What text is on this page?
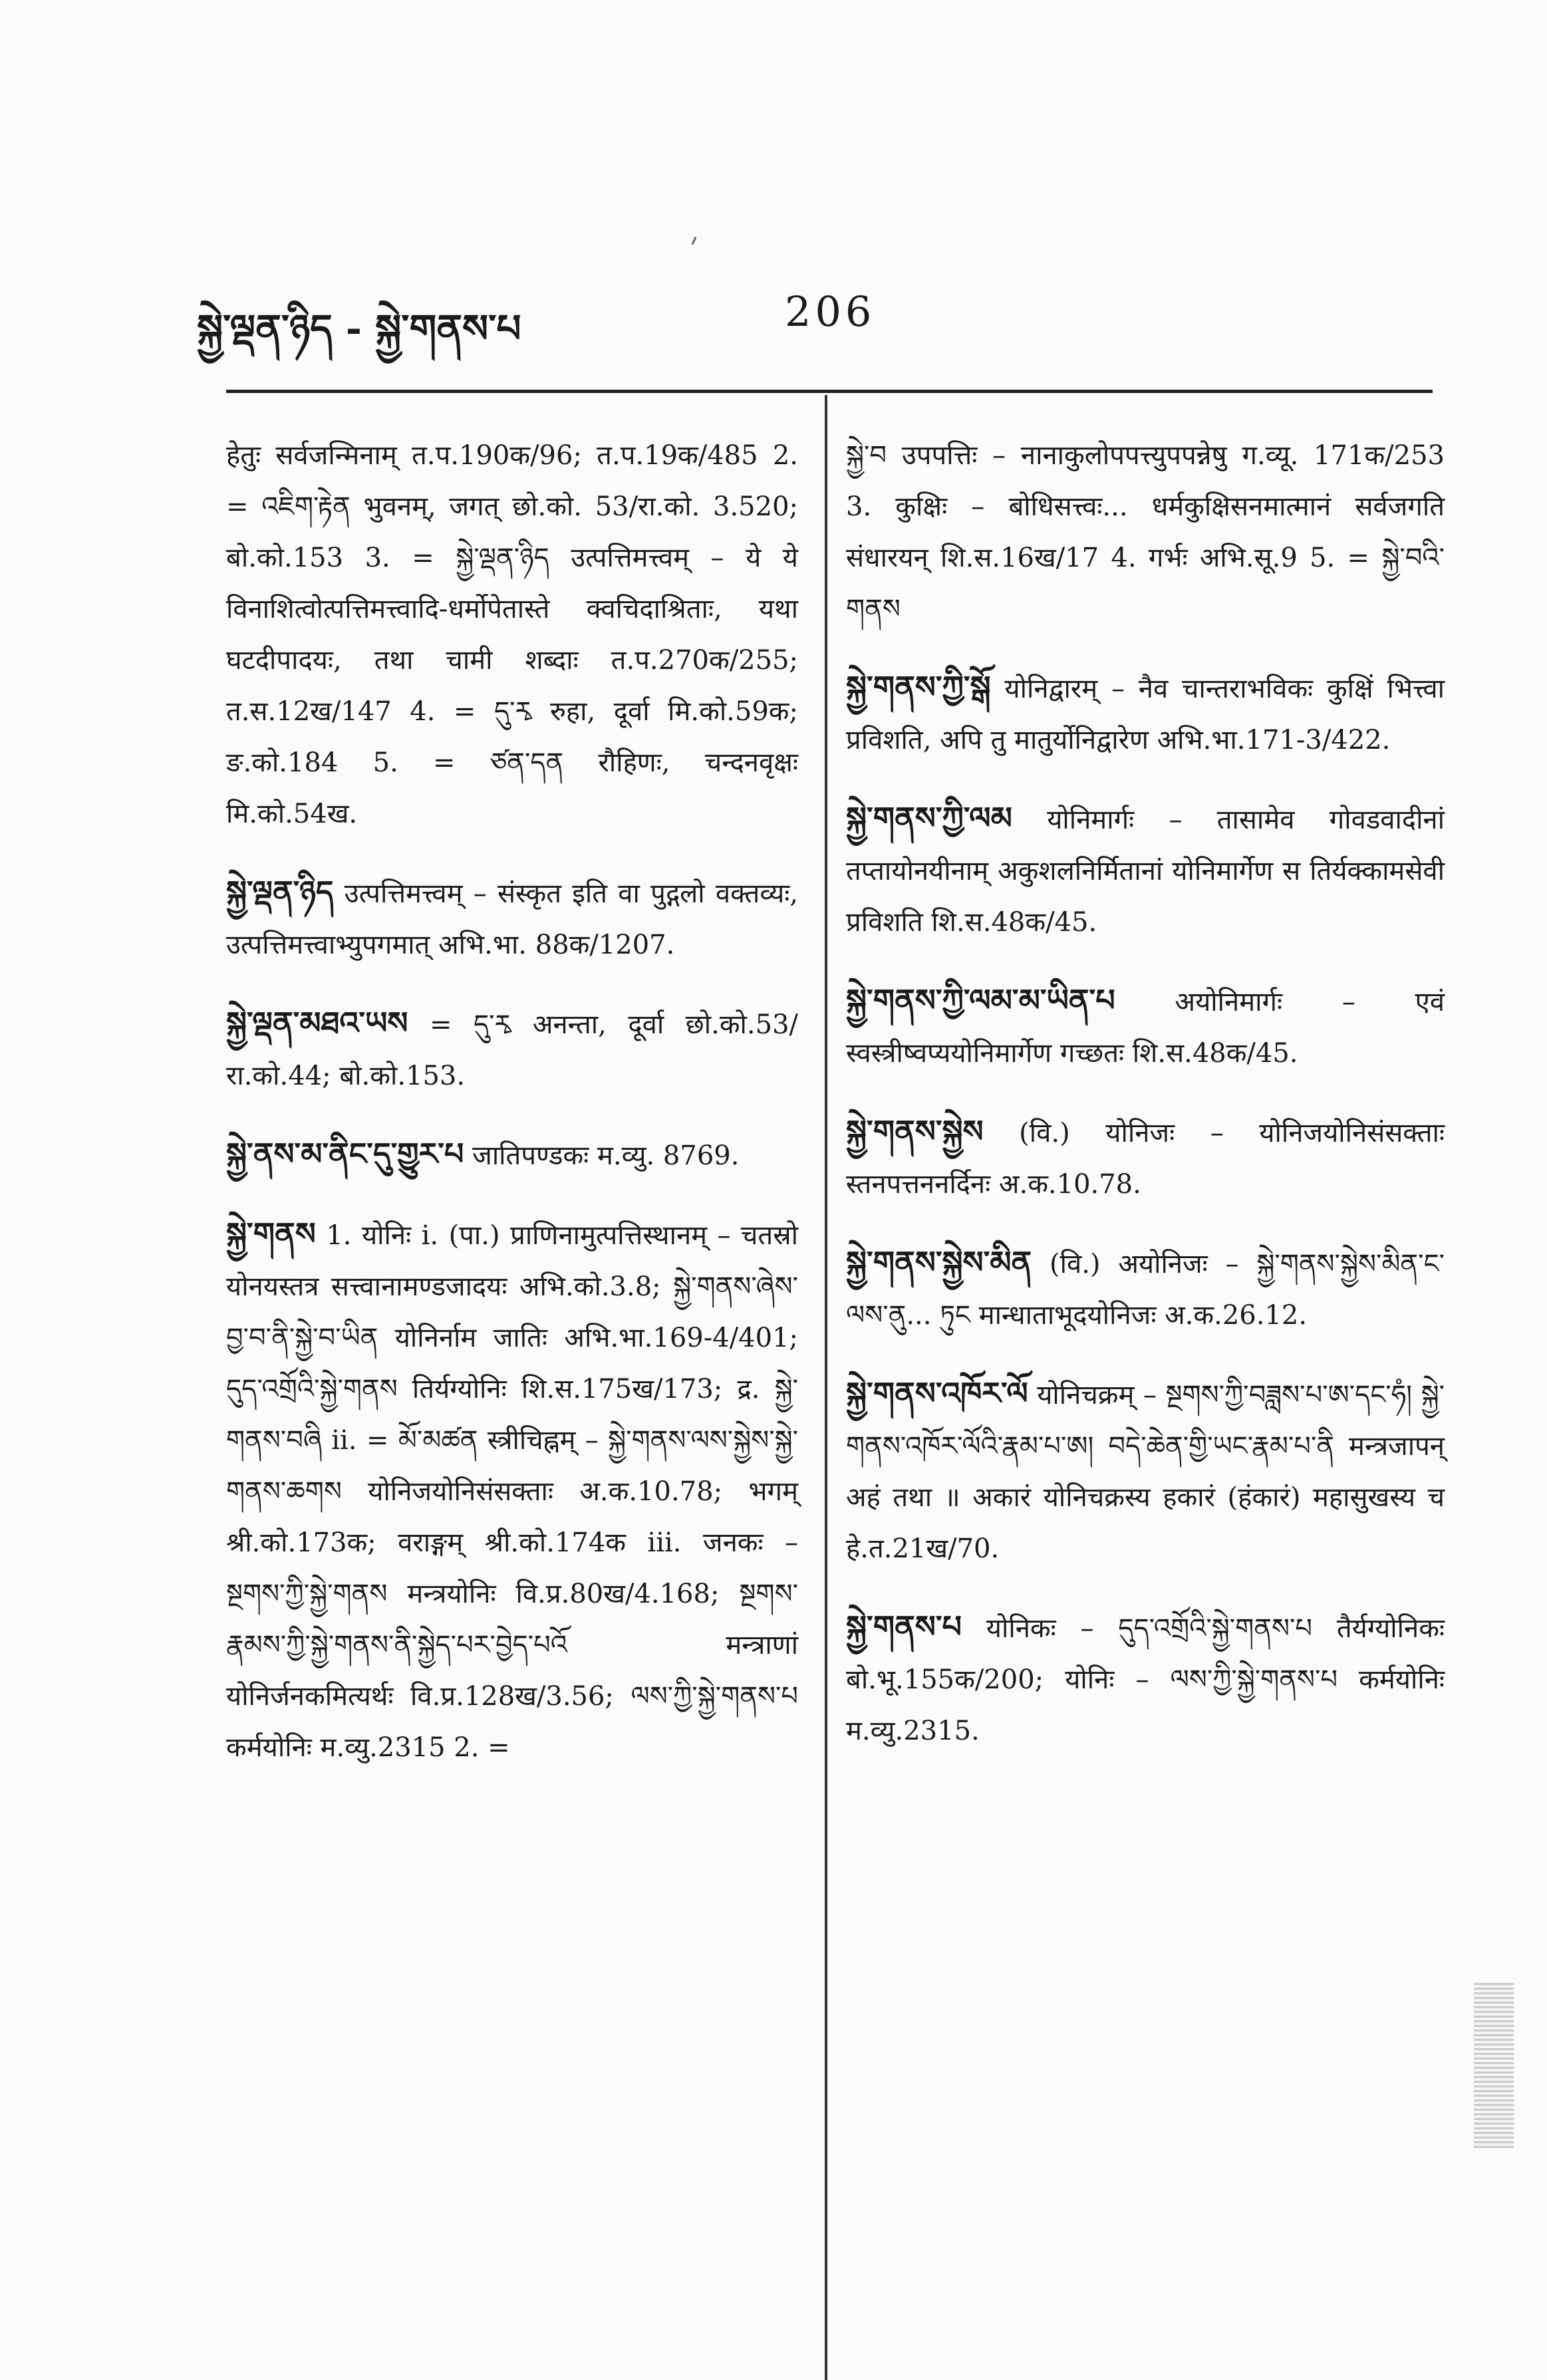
སྐྱེ་ལྡན་ཉིད - སྐྱེ་གནས་པ	206

हेतुः सर्वजन्मिनाम् त.प.190क/96; त.प.19क/485 2. = འཇིག་རྟེན भुवनम्, जगत् छो.को. 53/रा.को. 3.520; बो.को.153 3. = སྐྱེ་ལྡན་ཉིད उत्पत्तिमत्त्वम् – ये ये विनाशित्वोत्पत्तिमत्त्वादि-धर्मोपेतास्ते क्वचिदाश्रिताः, यथा घटदीपादयः, तथा चामी शब्दाः त.प.270क/255; त.स.12ख/147 4. = དུ་རྭ रुहा, दूर्वा मि.को.59क; ङ.को.184 5. = ཙན་དན रौहिणः, चन्दनवृक्षः मि.को.54ख.

སྐྱེ་ལྡན་ཉིད उत्पत्तिमत्त्वम् – संस्कृत इति वा पुद्गलो वक्तव्यः, उत्पत्तिमत्त्वाभ्युपगमात् अभि.भा. 88क/1207.

སྐྱེ་ལྡན་མཐའ་ཡས = དུ་རྭ अनन्ता, दूर्वा छो.को.53/रा.को.44; बो.को.153.

སྐྱེ་ནས་མ་ནིང་དུ་གྱུར་པ जातिपण्डकः म.व्यु. 8769.

སྐྱེ་གནས 1. योनिः i. (पा.) प्राणिनामुत्पत्तिस्थानम् – चतस्रो योनयस्तत्र सत्त्वानामण्डजादयः अभि.को.3.8; སྐྱེ་གནས་ཞེས་བྱ་བ་ནི་སྐྱེ་བ་ཡིན योनिर्नाम जातिः अभि.भा.169-4/401; དུད་འགྲོའི་སྐྱེ་གནས तिर्यग्योनिः शि.स.175ख/173; द्र. སྐྱེ་གནས་བཞི ii. = མོ་མཚན स्त्रीचिह्नम् – སྐྱེ་གནས་ལས་སྐྱེས་སྐྱེ་གནས་ཆགས योनिजयोनिसंसक्ताः अ.क.10.78; भगम् श्री.को.173क; वराङ्गम् श्री.को.174क iii. जनकः – སྔགས་ཀྱི་སྐྱེ་གནས मन्त्रयोनिः वि.प्र.80ख/4.168; སྔགས་རྣམས་ཀྱི་སྐྱེ་གནས་ནི་སྐྱེད་པར་བྱེད་པའོ मन्त्राणां योनिर्जनकमित्यर्थः वि.प्र.128ख/3.56; ལས་ཀྱི་སྐྱེ་གནས་པ कर्मयोनिः म.व्यु.2315 2. =

སྐྱེ་བ उपपत्तिः – नानाकुलोपपत्त्युपपन्नेषु ग.व्यू. 171क/253 3. कुक्षिः – बोधिसत्त्वः... धर्मकुक्षिसनमात्मानं सर्वजगति संधारयन् शि.स.16ख/17 4. गर्भः अभि.सू.9 5. = སྐྱེ་བའི་གནས

སྐྱེ་གནས་ཀྱི་སྒོ योनिद्वारम् – नैव चान्तराभविकः कुक्षिं भित्त्वा प्रविशति, अपि तु मातुर्योनिद्वारेण अभि.भा.171-3/422.

སྐྱེ་གནས་ཀྱི་ལམ योनिमार्गः – तासामेव गोवडवादीनां तप्तायोनयीनाम् अकुशलनिर्मितानां योनिमार्गेण स तिर्यक्कामसेवी प्रविशति शि.स.48क/45.

སྐྱེ་གནས་ཀྱི་ལམ་མ་ཡིན་པ अयोनिमार्गः – एवं स्वस्त्रीष्वप्ययोनिमार्गेण गच्छतः शि.स.48क/45.

སྐྱེ་གནས་སྐྱེས (वि.) योनिजः – योनिजयोनिसंसक्ताः स्तनपत्तननर्दिनः अ.क.10.78.

སྐྱེ་གནས་སྐྱེས་མིན (वि.) अयोनिजः – སྐྱེ་གནས་སྐྱེས་མིན་ང་ལས་ནུ... ཏུང मान्धाताभूदयोनिजः अ.क.26.12.

སྐྱེ་གནས་འཁོར་ལོ योनिचक्रम् – སྔགས་ཀྱི་བཟླས་པ་ཨ་དང་ཧཾ། སྐྱེ་གནས་འཁོར་ལོའི་རྣམ་པ་ཨ། བདེ་ཆེན་གྱི་ཡང་རྣམ་པ་ནི मन्त्रजापन् अहं तथा ॥ अकारं योनिचक्रस्य हकारं (हंकारं) महासुखस्य च हे.त.21ख/70.

སྐྱེ་གནས་པ योनिकः – དུད་འགྲོའི་སྐྱེ་གནས་པ तैर्यग्योनिकः बो.भू.155क/200; योनिः – ལས་ཀྱི་སྐྱེ་གནས་པ कर्मयोनिः म.व्यु.2315.
